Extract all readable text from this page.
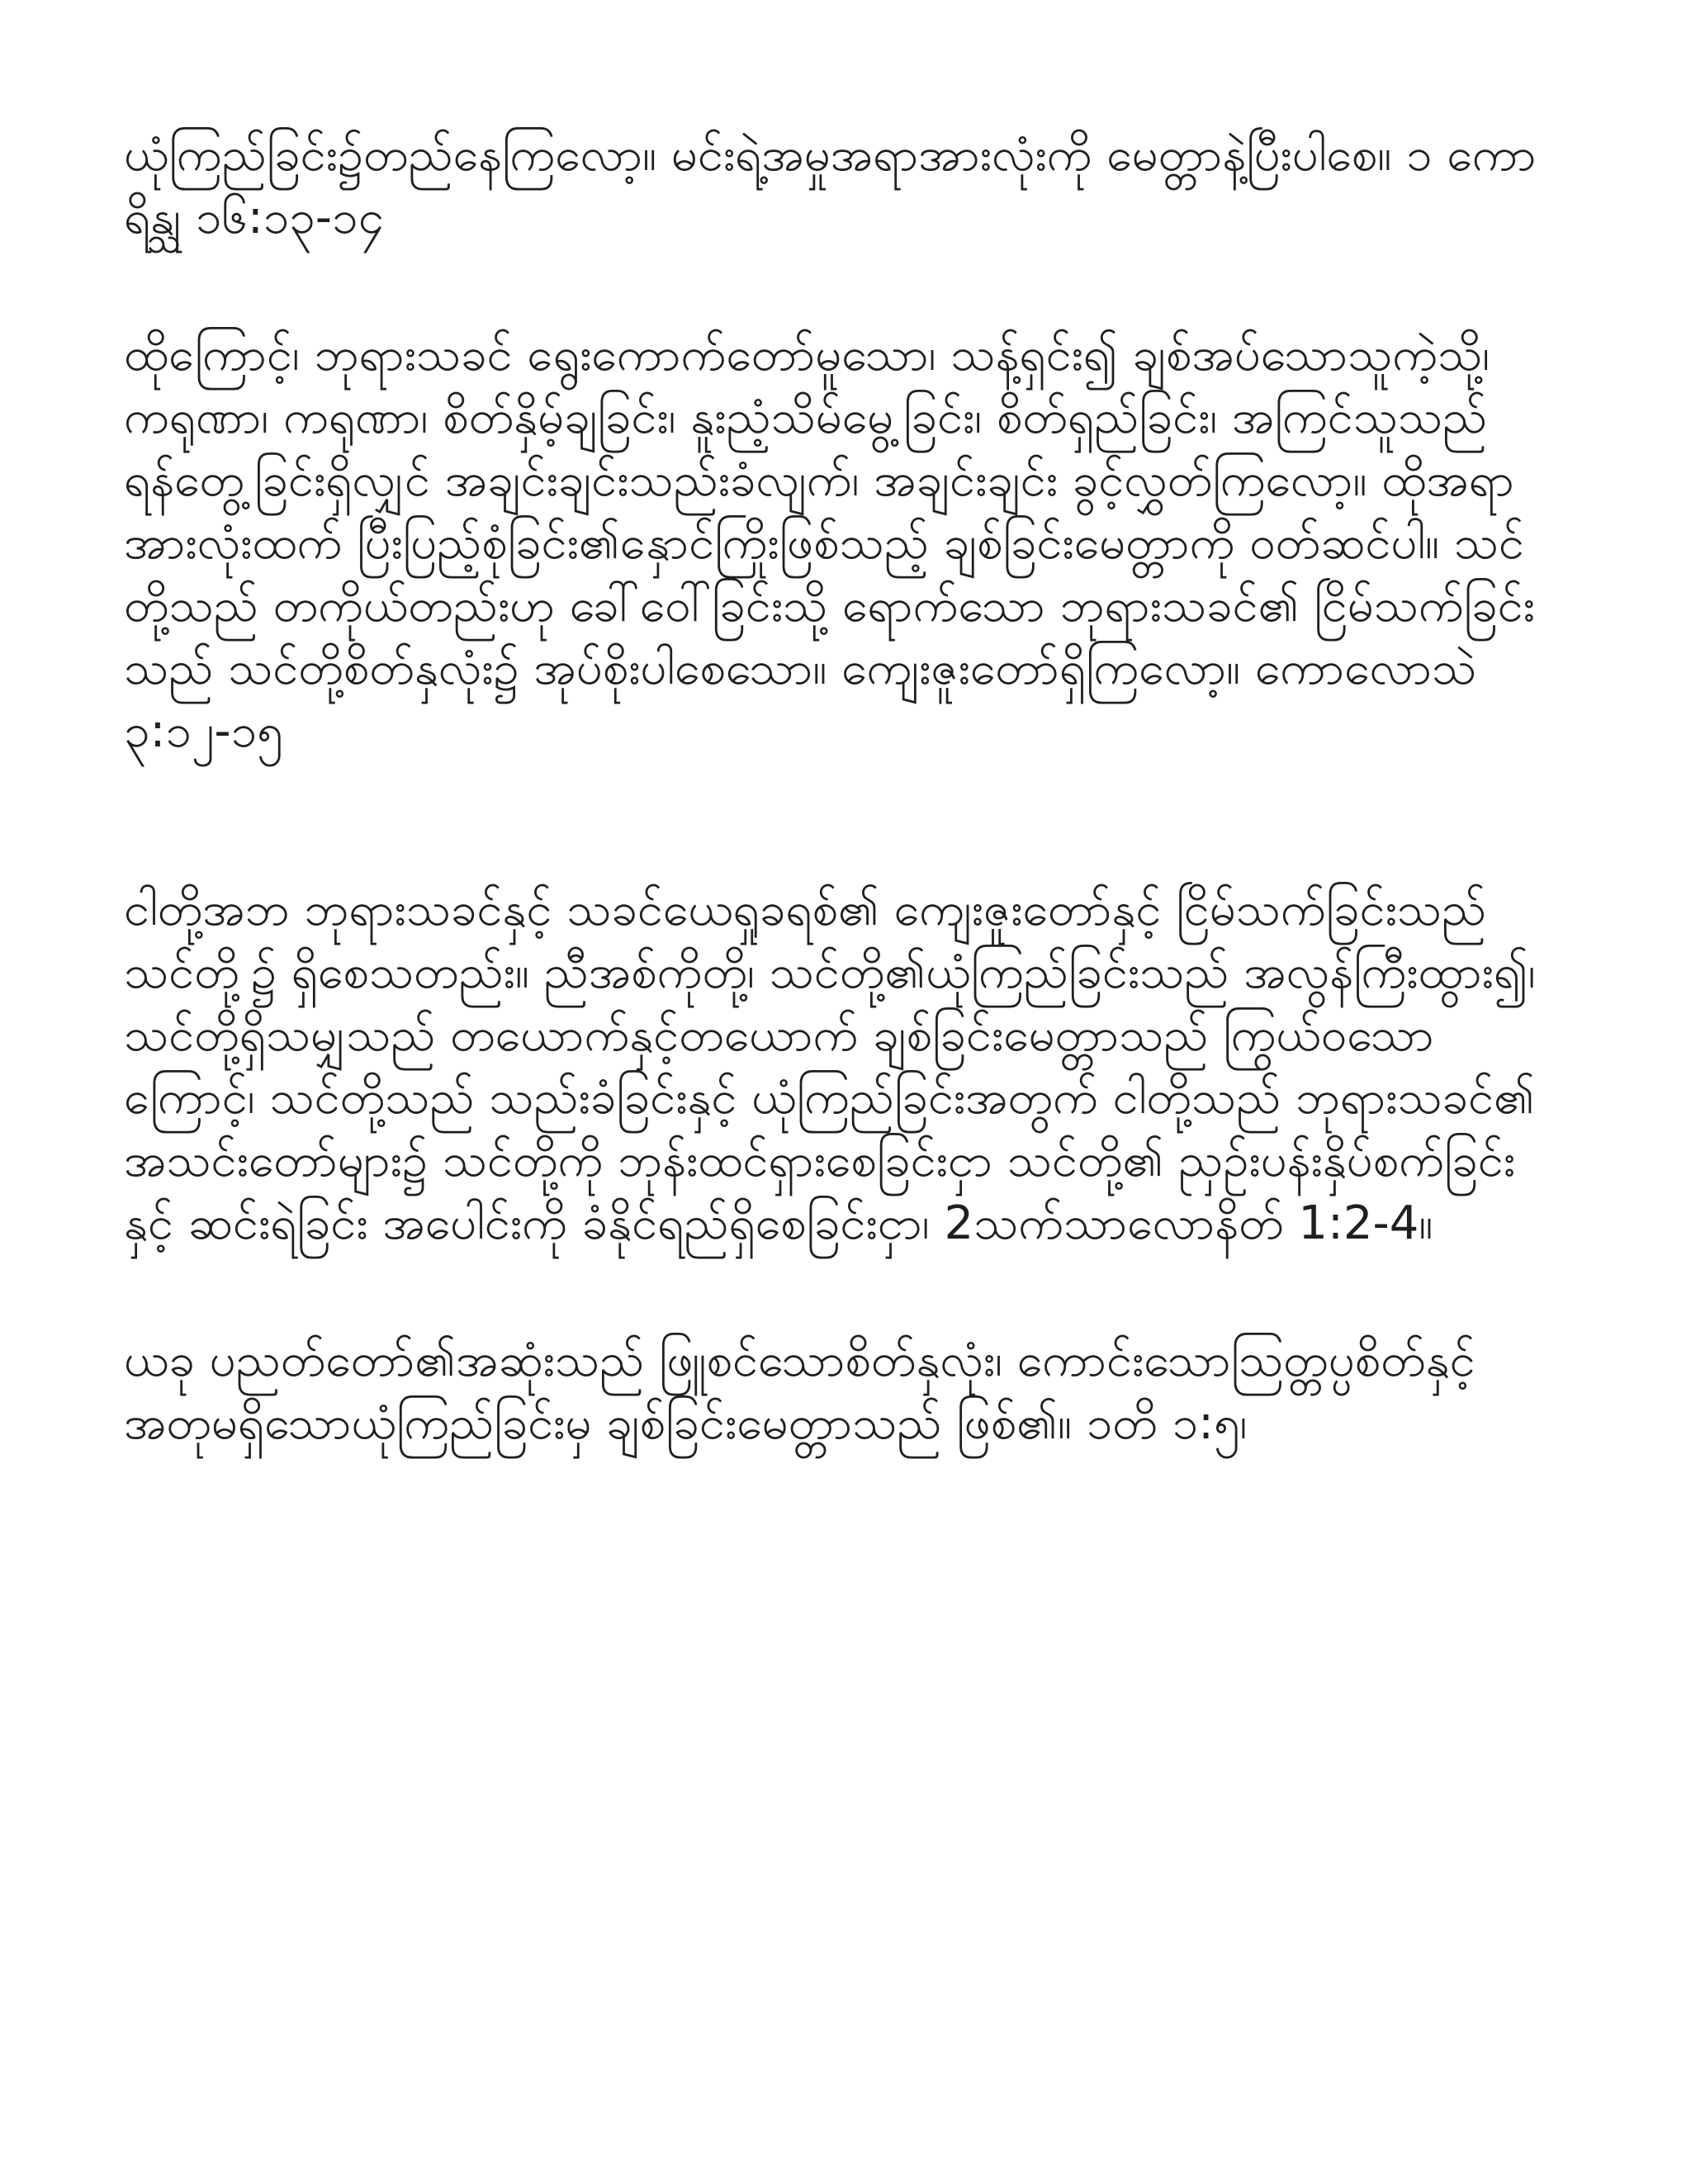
ယုံကြည်ခြင်း၌တည်နေကြလော့။ မင်းရဲ့အမှုအရာအားလုံးကို မေတ္တာနဲ့ပြီးပါစေ။ ၁ ကောရိန္သု ၁၆:၁၃-၁၄

ထိုကြောင့်၊ ဘုရားသခင် ရွေးကောက်တော်မူသော၊ သန့်ရှင်း၍ ချစ်အပ်သောသူကဲ့သို့၊ ကရုဏာ၊ ကရုဏာ၊ စိတ်နှိမ့်ချခြင်း၊ နူးညံ့သိမ်မွေ့ခြင်း၊ စိတ်ရှည်ခြင်း၊ အကြင်သူသည် ရန်တွေ့ခြင်းရှိလျှင် အချင်းချင်းသည်းခံလျက်၊ အချင်းချင်း ခွင့်လွှတ်ကြလော့။ ထိုအရာအားလုံးထက် ပြီးပြည့်စုံခြင်း၏နှောင်ကြိုးဖြစ်သည့် ချစ်ခြင်းမေတ္တာကို ဝတ်ဆင်ပါ။ သင်တို့သည် တကိုယ်တည်းဟု ခေါ်ဝေါ်ခြင်းသို့ ရောက်သော ဘုရားသခင်၏ ငြိမ်သက်ခြင်းသည် သင်တို့စိတ်နှလုံး၌ အုပ်စိုးပါစေသော။ ကျေးဇူးတော်ရှိကြလော့။ ကောလောသဲ ၃:၁၂-၁၅

ငါတို့အဘ ဘုရားသခင်နှင့် သခင်ယေရှုခရစ်၏ ကျေးဇူးတော်နှင့် ငြိမ်သက်ခြင်းသည် သင်တို့၌ ရှိစေသတည်း။ ညီအစ်ကိုတို့၊ သင်တို့၏ယုံကြည်ခြင်းသည် အလွန်ကြီးထွား၍၊ သင်တို့ရှိသမျှသည် တယောက်နှင့်တယောက် ချစ်ခြင်းမေတ္တာသည် ကြွယ်ဝသောကြောင့်၊ သင်တို့သည် သည်းခံခြင်းနှင့် ယုံကြည်ခြင်းအတွက် ငါတို့သည် ဘုရားသခင်၏ အသင်းတော်များ၌ သင်တို့ကို ဘုန်းထင်ရှားစေခြင်းငှာ သင်တို့၏ ညှဉ်းပန်းနှိပ်စက်ခြင်း နှင့် ဆင်းရဲခြင်း အပေါင်းကို ခံနိုင်ရည်ရှိစေခြင်းငှာ၊ 2သက်သာလောနိတ် 1:2-4။

ယခု ပညတ်တော်၏အဆုံးသည် ဖြူစင်သောစိတ်နှလုံး၊ ကောင်းသောသြတ္တပ္ပစိတ်နှင့် အတုမရှိသောယုံကြည်ခြင်းမှ ချစ်ခြင်းမေတ္တာသည် ဖြစ်၏။ ၁တိ ၁:၅၊
